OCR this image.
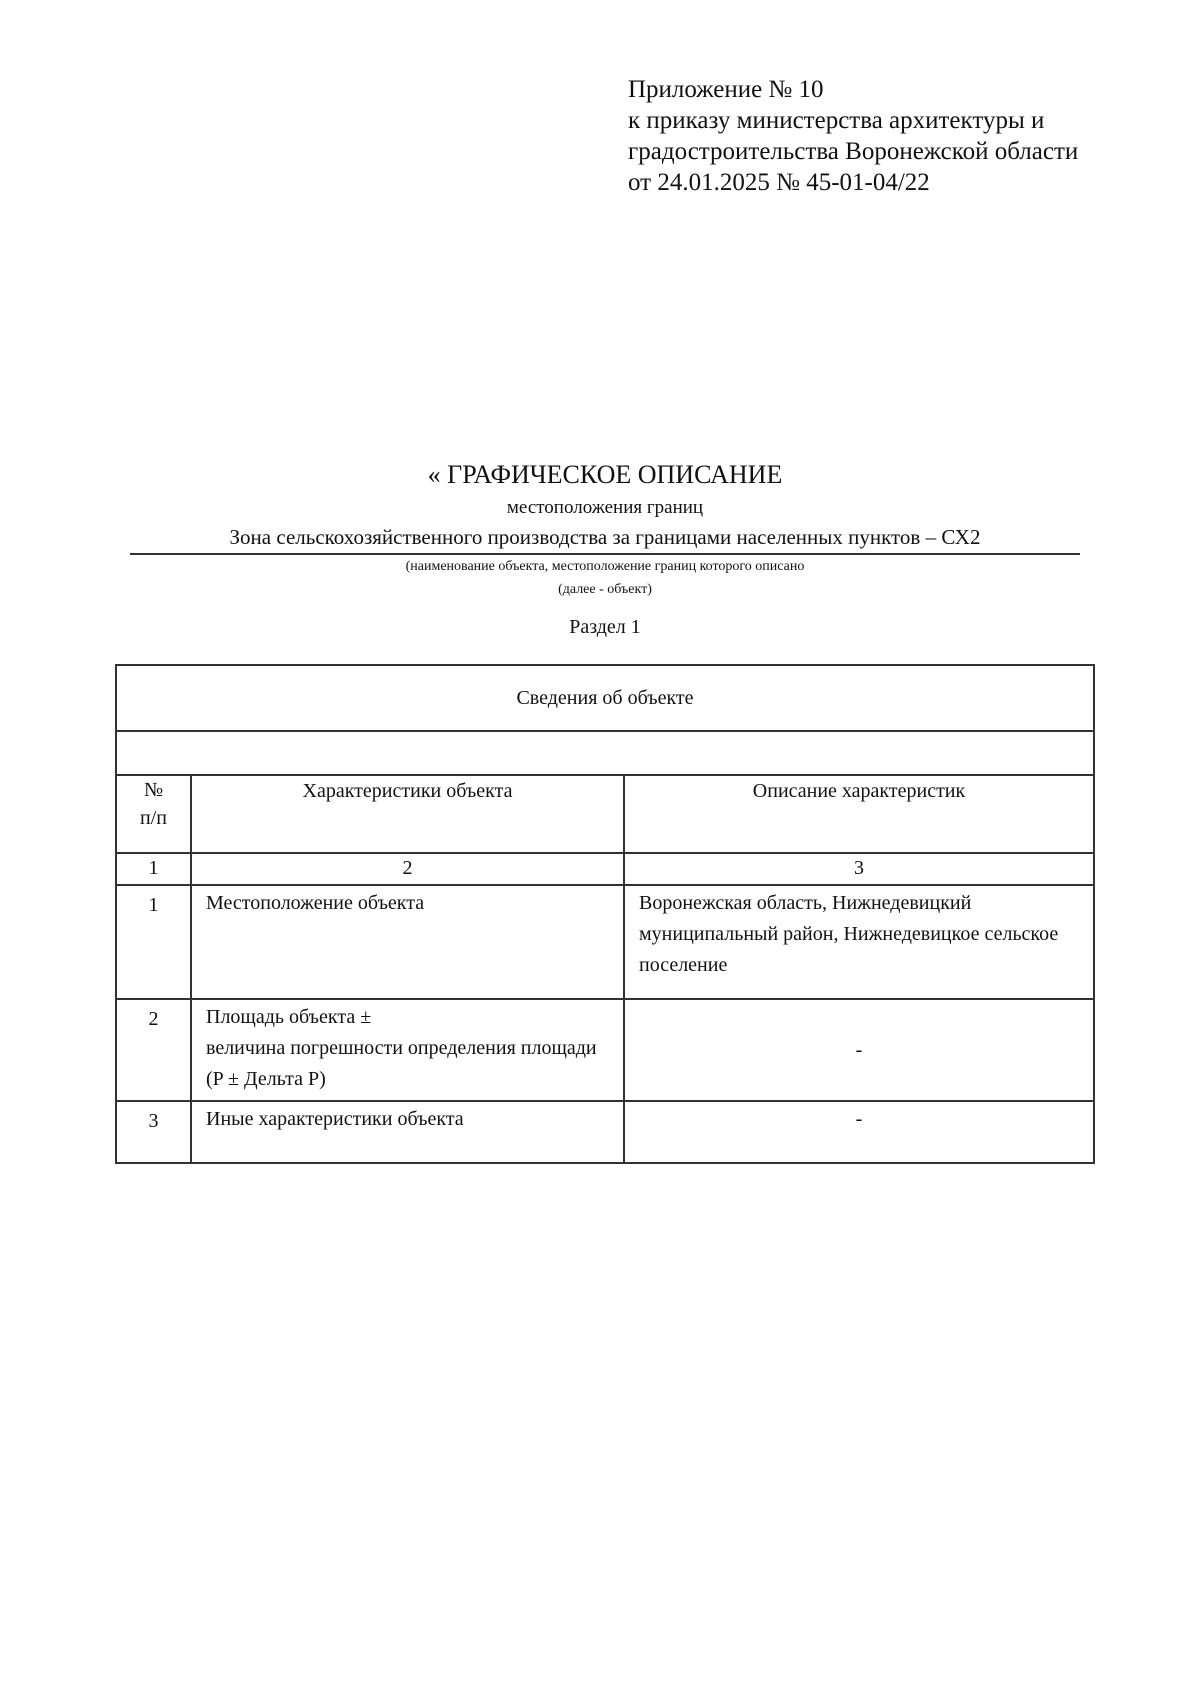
Приложение № 10
к приказу министерства архитектуры и
градостроительства Воронежской области
от 24.01.2025 № 45-01-04/22
« ГРАФИЧЕСКОЕ ОПИСАНИЕ
местоположения границ
Зона сельскохозяйственного производства за границами населенных пунктов – СХ2
(наименование объекта, местоположение границ которого описано
(далее - объект)
Раздел 1
Сведения об объекте		

№
п/п	Характеристики объекта	Описание характеристик
1	2	3
1	Местоположение объекта	Воронежская область, Нижнедевицкий муниципальный район, Нижнедевицкое сельское поселение
2	Площадь объекта ±
величина погрешности определения площади (P ± Дельта P)	-
3	Иные характеристики объекта	-
